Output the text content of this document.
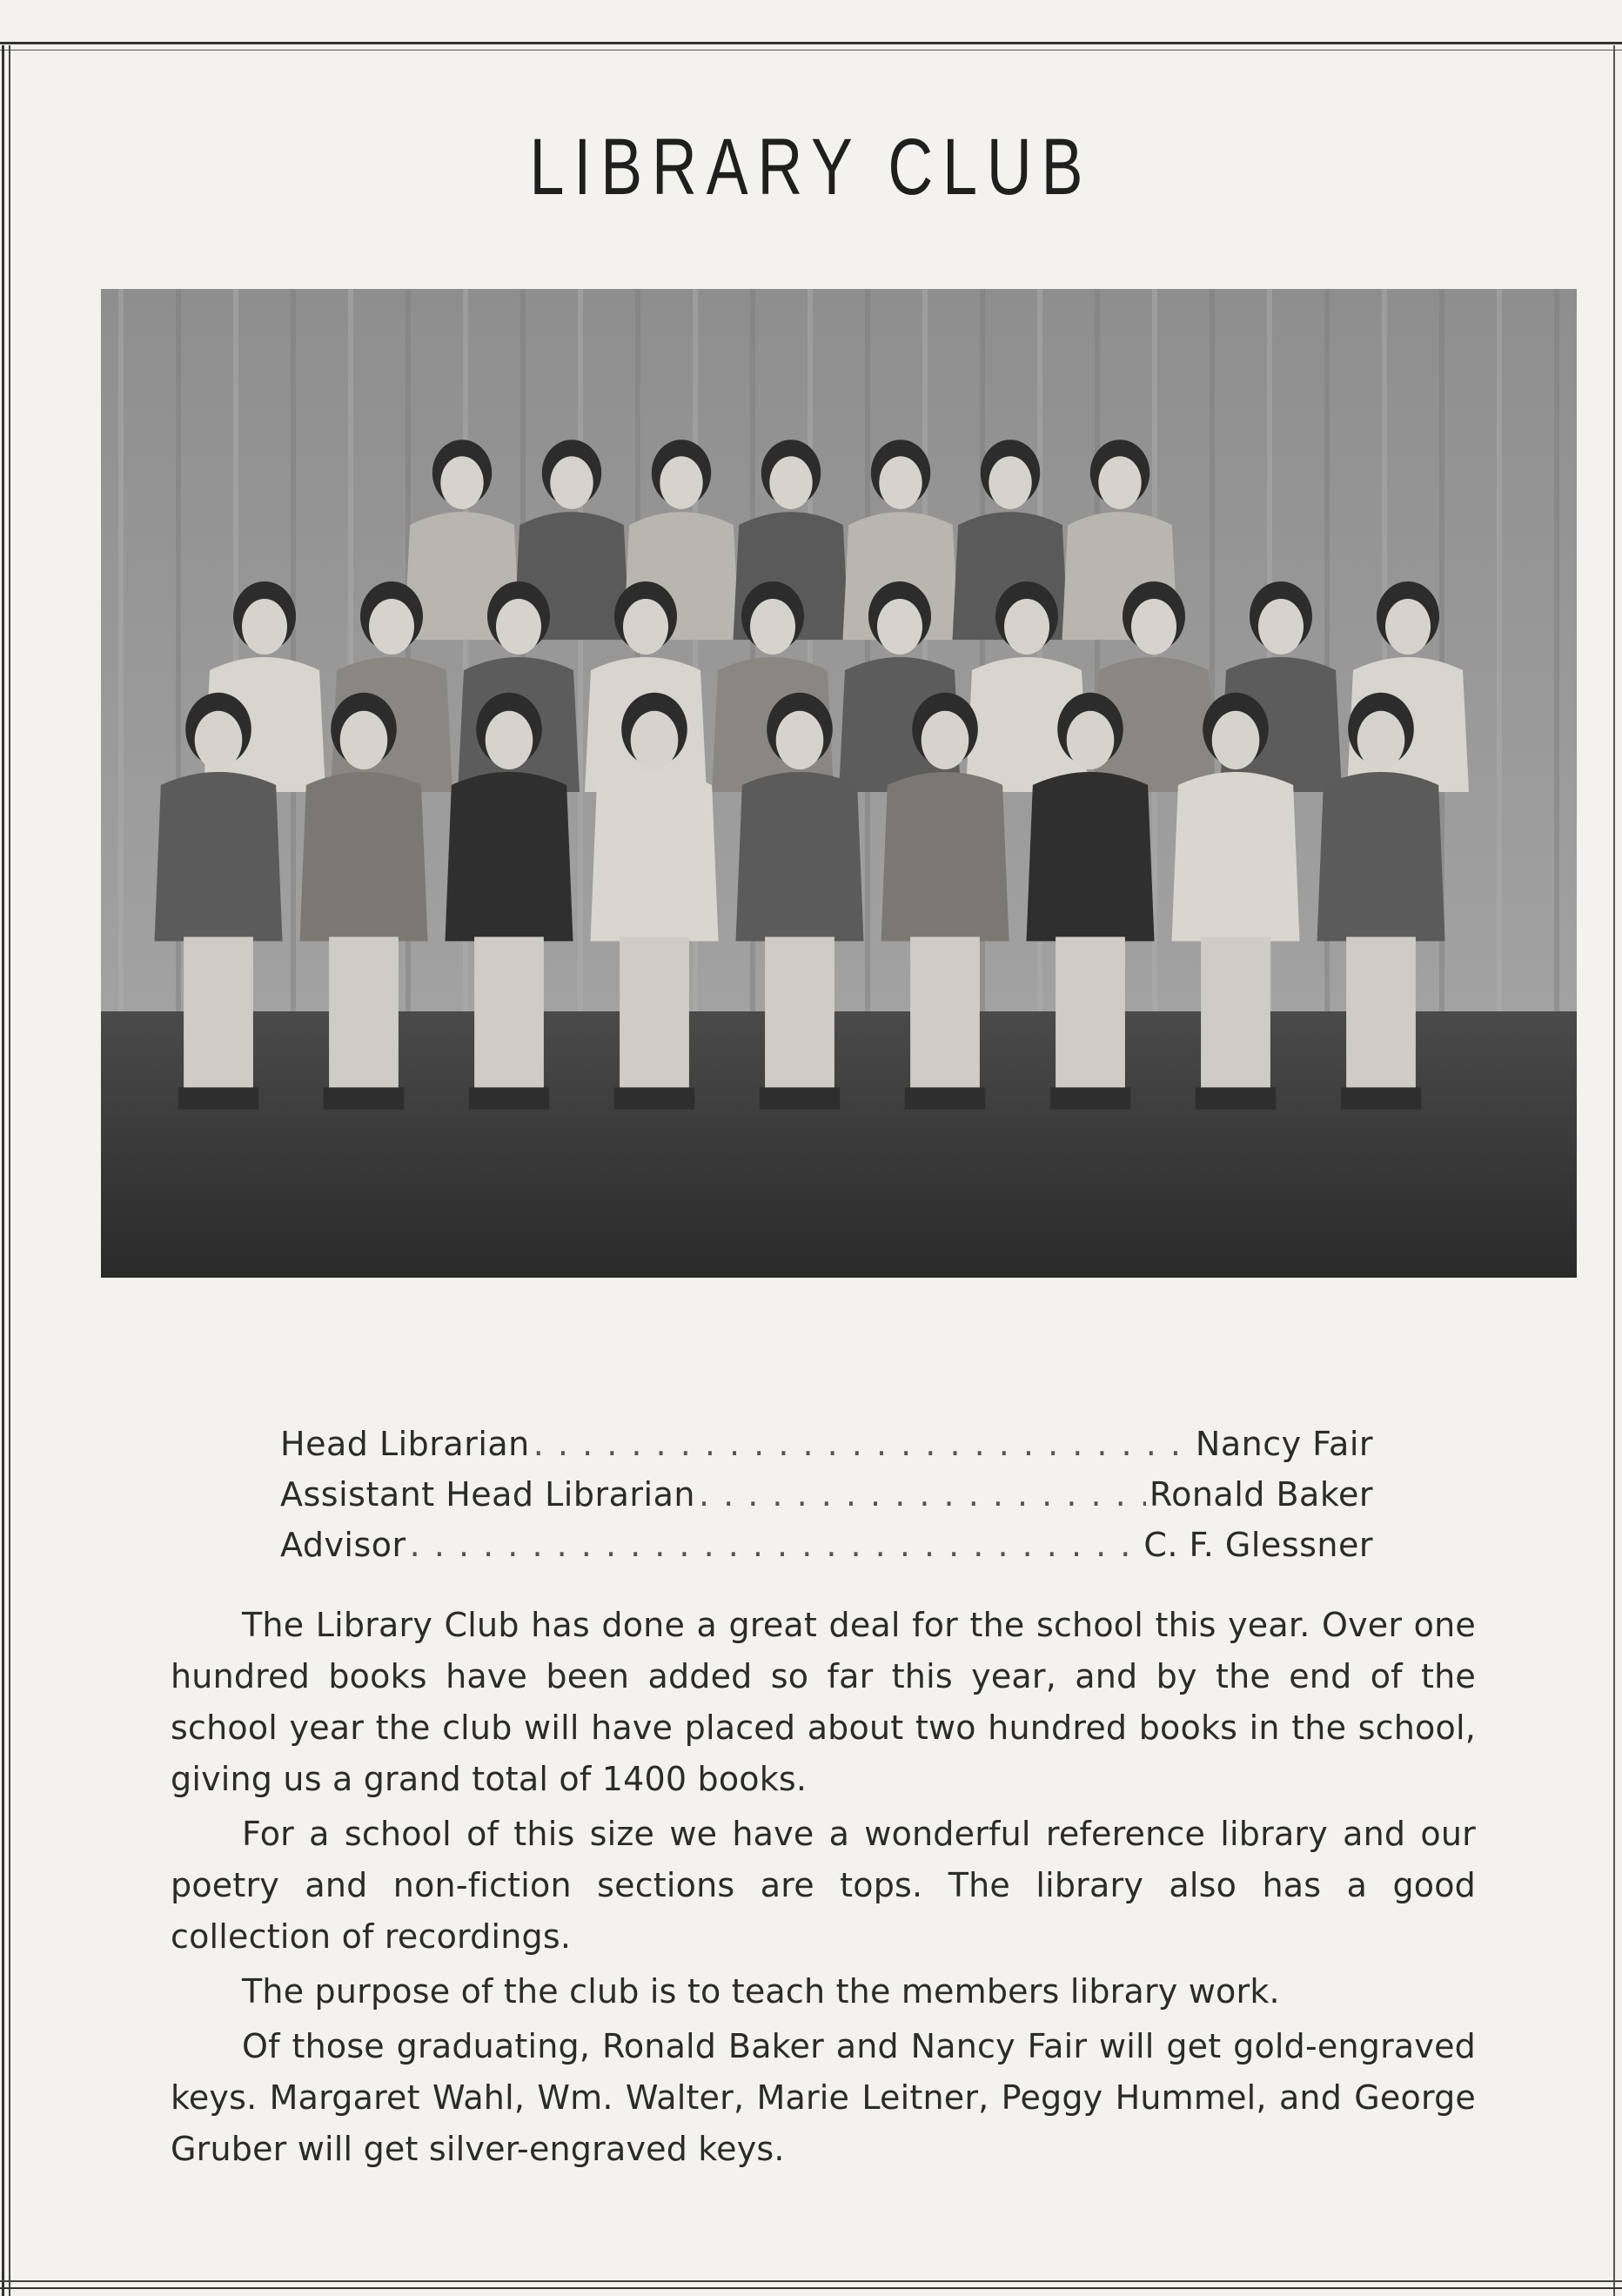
LIBRARY CLUB
Head Librarian . . .	Nancy Fair
Assistant Head Librarian . . .	Ronald Baker
Advisor . . .	C. F. Glessner

The Library Club has done a great deal for the school this year. Over one hundred books have been added so far this year, and by the end of the school year the club will have placed about two hundred books in the school, giving us a grand total of 1400 books.

For a school of this size we have a wonderful reference library and our poetry and non-fiction sections are tops. The library also has a good collection of recordings.

The purpose of the club is to teach the members library work.

Of those graduating, Ronald Baker and Nancy Fair will get gold-engraved keys. Margaret Wahl, Wm. Walter, Marie Leitner, Peggy Hummel, and George Gruber will get silver-engraved keys.
